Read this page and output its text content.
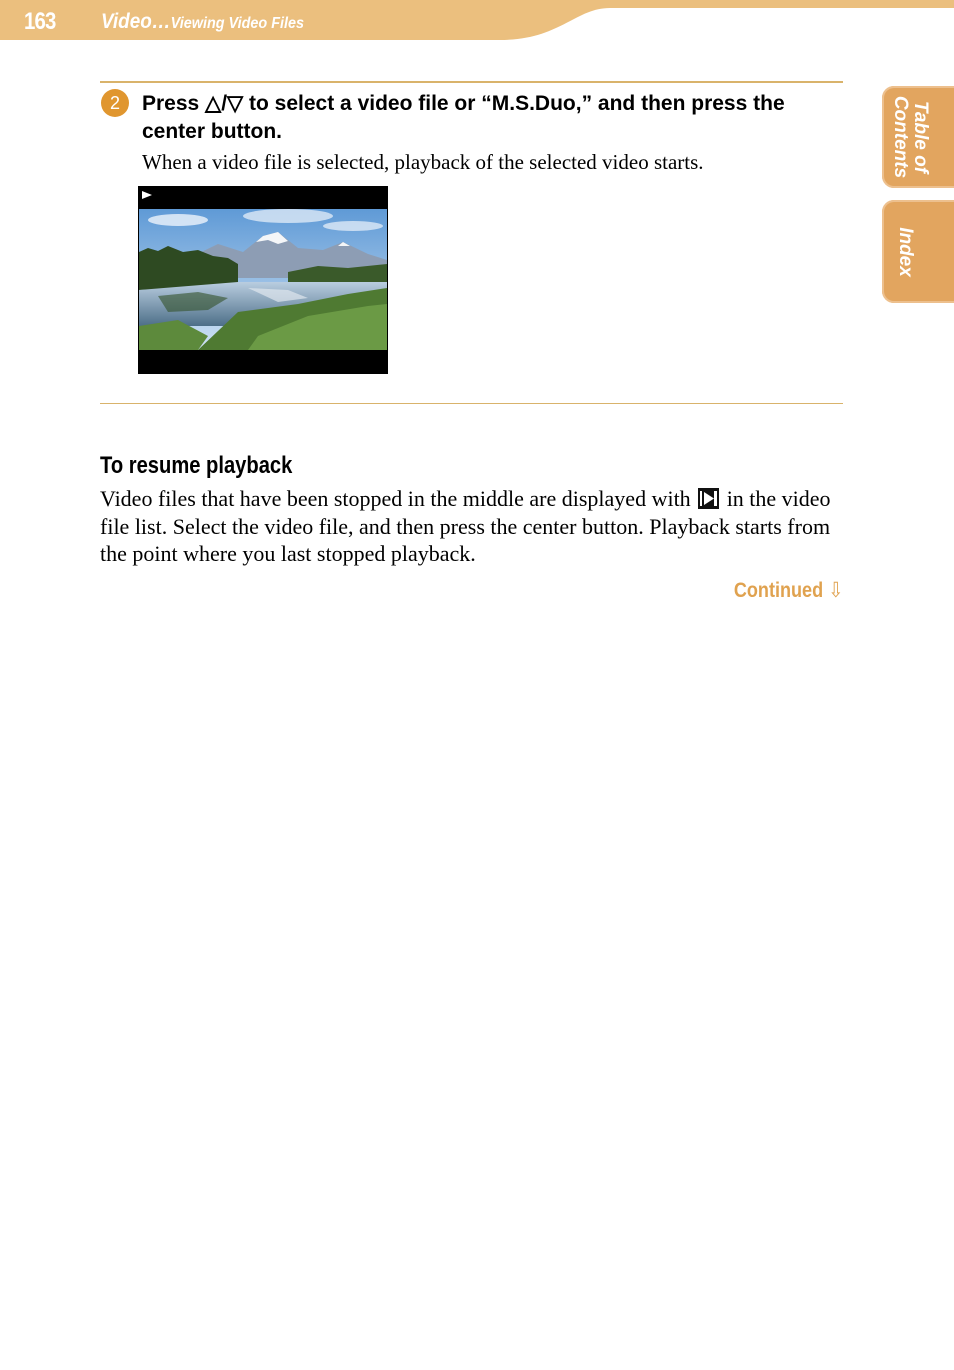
163 Video…Viewing Video Files
Table of Contents
Index
2	Press △/▽ to select a video file or “M.S.Duo,” and then press the center button.

When a video file is selected, playback of the selected video starts.

To resume playback

Video files that have been stopped in the middle are displayed with in the video file list. Select the video file, and then press the center button. Playback starts from the point where you last stopped playback.

Continued ⇩
